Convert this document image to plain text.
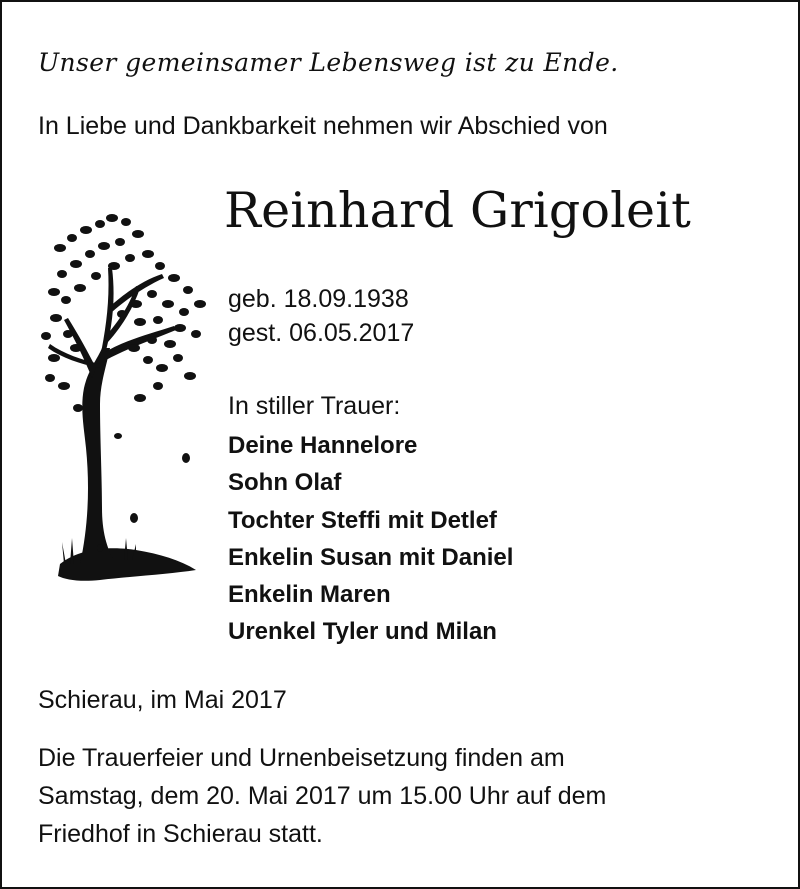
Unser gemeinsamer Lebensweg ist zu Ende.
In Liebe und Dankbarkeit nehmen wir Abschied von
Reinhard Grigoleit
geb. 18.09.1938
gest. 06.05.2017
In stiller Trauer:
Deine Hannelore
Sohn Olaf
Tochter Steffi mit Detlef
Enkelin Susan mit Daniel
Enkelin Maren
Urenkel Tyler und Milan
Schierau, im Mai 2017
Die Trauerfeier und Urnenbeisetzung finden am
Samstag, dem 20. Mai 2017 um 15.00 Uhr auf dem
Friedhof in Schierau statt.
